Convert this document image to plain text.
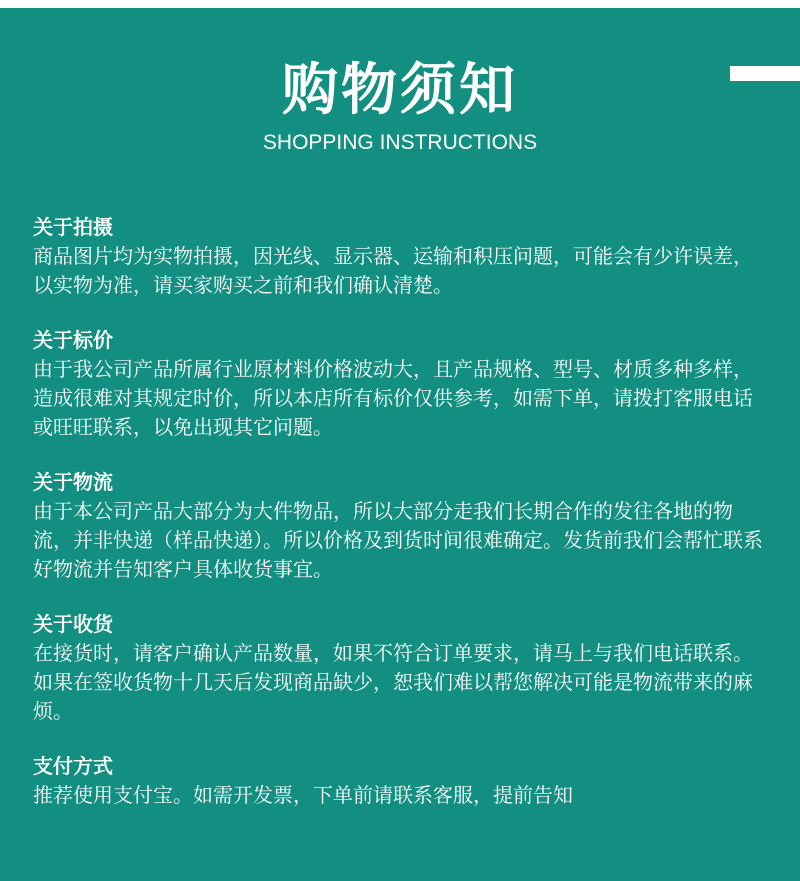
购物须知
SHOPPING INSTRUCTIONS
关于拍摄

商品图片均为实物拍摄，因光线、显示器、运输和积压问题，可能会有少许误差，以实物为准，请买家购买之前和我们确认清楚。

关于标价

由于我公司产品所属行业原材料价格波动大，且产品规格、型号、材质多种多样，造成很难对其规定时价，所以本店所有标价仅供参考，如需下单，请拨打客服电话或旺旺联系，以免出现其它问题。

关于物流

由于本公司产品大部分为大件物品，所以大部分走我们长期合作的发往各地的物流，并非快递（样品快递）。所以价格及到货时间很难确定。发货前我们会帮忙联系好物流并告知客户具体收货事宜。

关于收货

在接货时，请客户确认产品数量，如果不符合订单要求，请马上与我们电话联系。如果在签收货物十几天后发现商品缺少，恕我们难以帮您解决可能是物流带来的麻烦。

支付方式

推荐使用支付宝。如需开发票，下单前请联系客服，提前告知
